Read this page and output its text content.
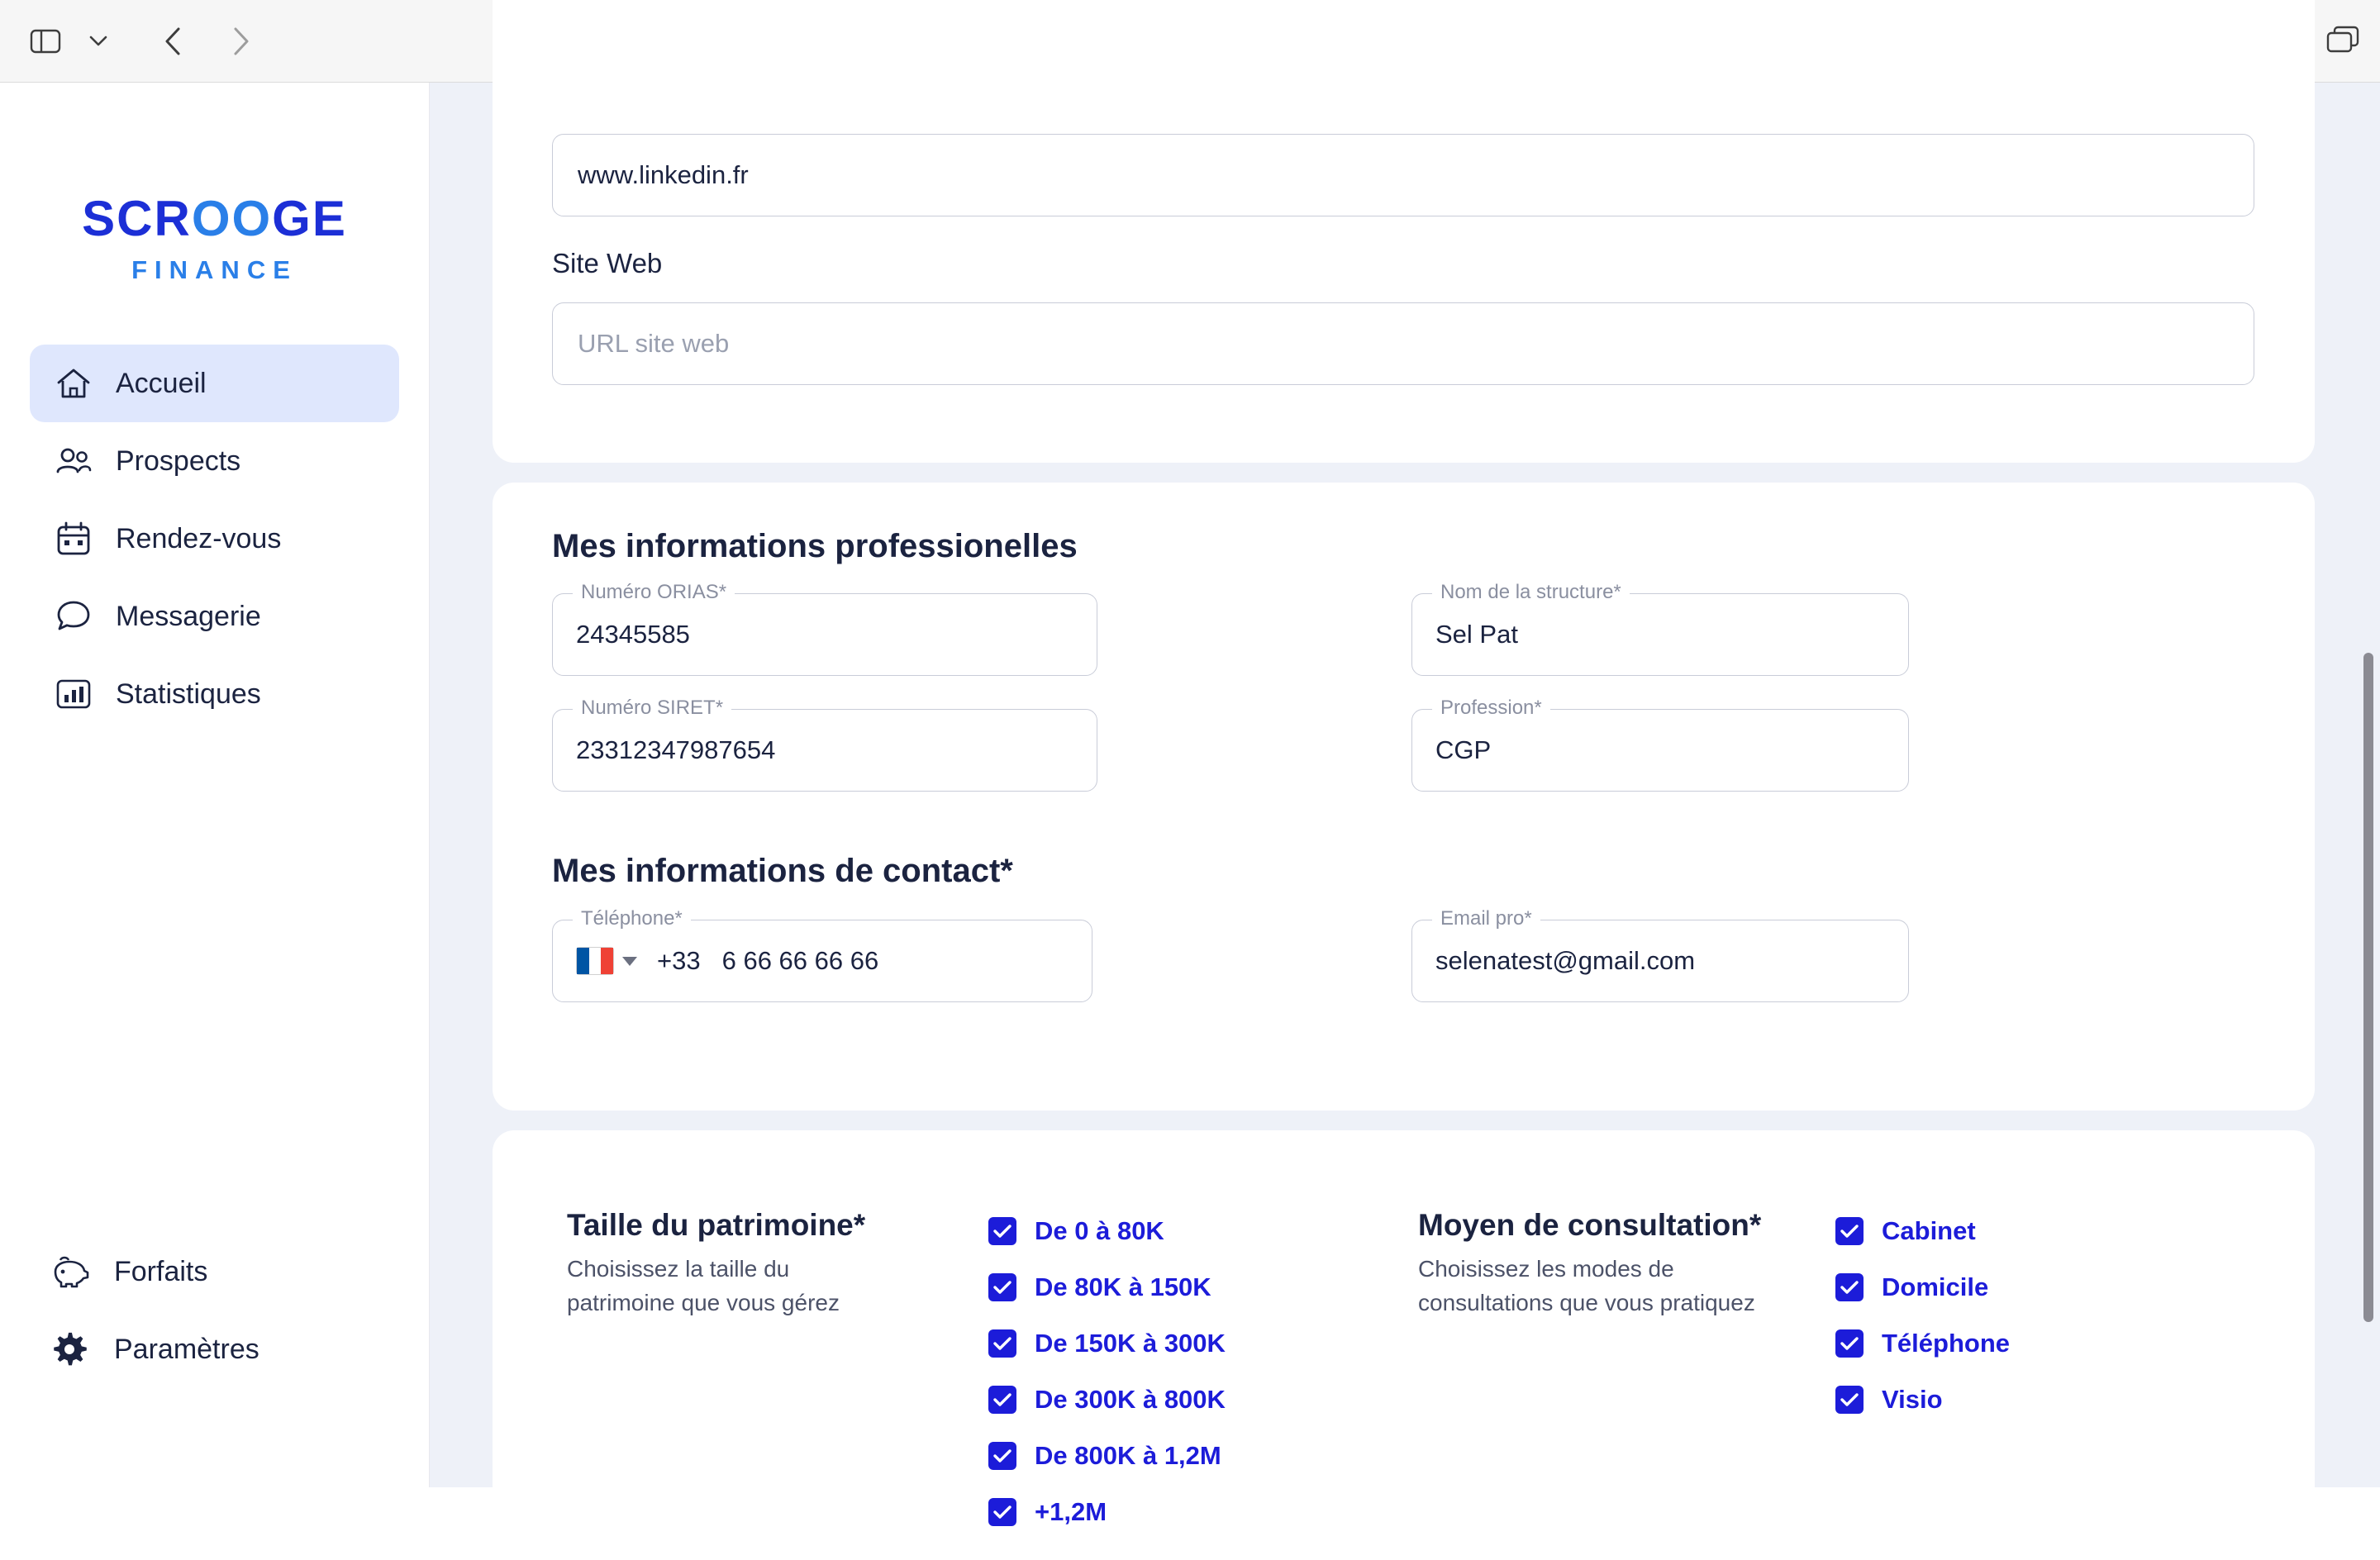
SCROOGE
FINANCE
Accueil
Prospects
Rendez-vous
Messagerie
Statistiques
Forfaits
Paramètres
www.linkedin.fr
Site Web
URL site web
Mes informations professionelles
Numéro ORIAS*
24345585
Nom de la structure*
Sel Pat
Numéro SIRET*
23312347987654
Profession*
CGP
Mes informations de contact*
Téléphone*
+33 6 66 66 66 66
Email pro*
selenatest@gmail.com
Taille du patrimoine*
Choisissez la taille du patrimoine que vous gérez
De 0 à 80K
De 80K à 150K
De 150K à 300K
De 300K à 800K
De 800K à 1,2M
+1,2M
Moyen de consultation*
Choisissez les modes de consultations que vous pratiquez
Cabinet
Domicile
Téléphone
Visio
